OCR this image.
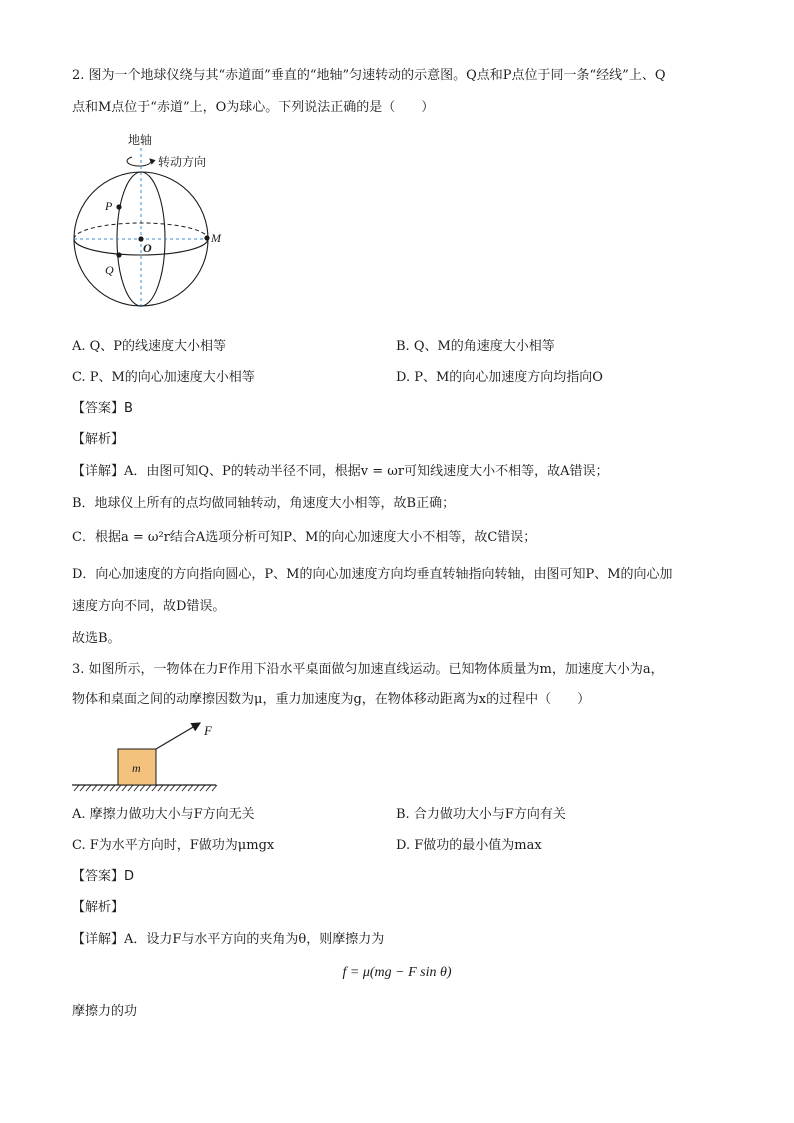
2. 图为一个地球仪绕与其“赤道面”垂直的“地轴”匀速转动的示意图。Q点和P点位于同一条“经线”上、Q
点和M点位于“赤道”上，O为球心。下列说法正确的是（　　）
地轴
转动方向
P
O
M
Q
A. Q、P的线速度大小相等	B. Q、M的角速度大小相等
C. P、M的向心加速度大小相等	D. P、M的向心加速度方向均指向O
【答案】B
【解析】
【详解】A．由图可知Q、P的转动半径不同，根据v = ωr可知线速度大小不相等，故A错误；
B．地球仪上所有的点均做同轴转动，角速度大小相等，故B正确；
C．根据a = ω²r结合A选项分析可知P、M的向心加速度大小不相等，故C错误；
D．向心加速度的方向指向圆心，P、M的向心加速度方向均垂直转轴指向转轴，由图可知P、M的向心加
速度方向不同，故D错误。
故选B。
3. 如图所示，一物体在力F作用下沿水平桌面做匀加速直线运动。已知物体质量为m，加速度大小为a，
物体和桌面之间的动摩擦因数为μ，重力加速度为g，在物体移动距离为x的过程中（　　）
m
F
A. 摩擦力做功大小与F方向无关	B. 合力做功大小与F方向有关
C. F为水平方向时，F做功为μmgx	D. F做功的最小值为max
【答案】D
【解析】
【详解】A．设力F与水平方向的夹角为θ，则摩擦力为
f = μ(mg − F sin θ)
摩擦力的功
